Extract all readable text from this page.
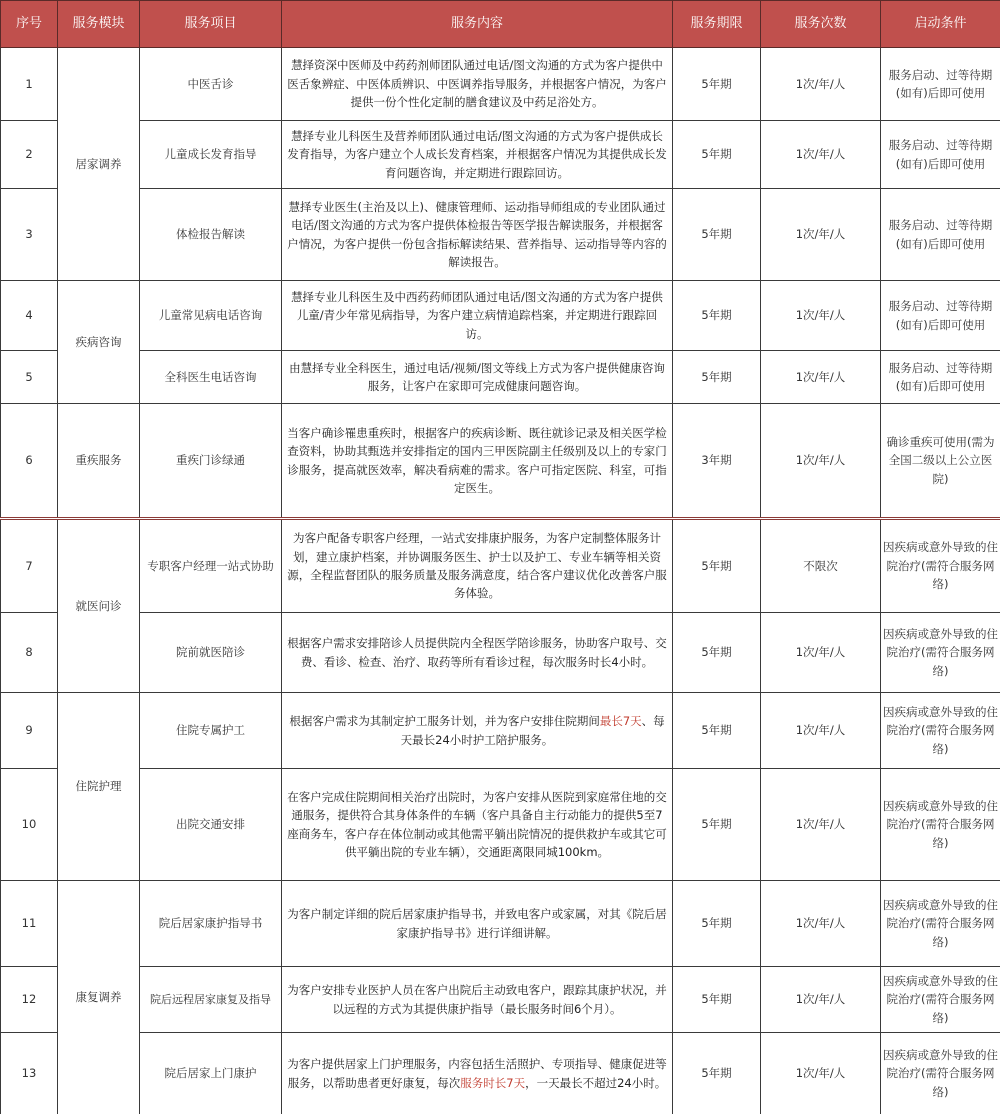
序号	服务模块	服务项目	服务内容	服务期限	服务次数	启动条件
1	居家调养	中医舌诊	慧择资深中医师及中药药剂师团队通过电话/图文沟通的方式为客户提供中医舌象辨症、中医体质辨识、中医调养指导服务，并根据客户情况，为客户提供一份个性化定制的膳食建议及中药足浴处方。	5年期	1次/年/人	服务启动、过等待期(如有)后即可使用
2		儿童成长发育指导	慧择专业儿科医生及营养师团队通过电话/图文沟通的方式为客户提供成长发育指导，为客户建立个人成长发育档案，并根据客户情况为其提供成长发育问题咨询，并定期进行跟踪回访。	5年期	1次/年/人	服务启动、过等待期(如有)后即可使用
3		体检报告解读	慧择专业医生(主治及以上)、健康管理师、运动指导师组成的专业团队通过电话/图文沟通的方式为客户提供体检报告等医学报告解读服务，并根据客户情况，为客户提供一份包含指标解读结果、营养指导、运动指导等内容的解读报告。	5年期	1次/年/人	服务启动、过等待期(如有)后即可使用
4	疾病咨询	儿童常见病电话咨询	慧择专业儿科医生及中西药药师团队通过电话/图文沟通的方式为客户提供儿童/青少年常见病指导，为客户建立病情追踪档案，并定期进行跟踪回访。	5年期	1次/年/人	服务启动、过等待期(如有)后即可使用
5		全科医生电话咨询	由慧择专业全科医生，通过电话/视频/图文等线上方式为客户提供健康咨询服务，让客户在家即可完成健康问题咨询。	5年期	1次/年/人	服务启动、过等待期(如有)后即可使用
6	重疾服务	重疾门诊绿通	当客户确诊罹患重疾时，根据客户的疾病诊断、既往就诊记录及相关医学检查资料，协助其甄选并安排指定的国内三甲医院副主任级别及以上的专家门诊服务，提高就医效率，解决看病难的需求。客户可指定医院、科室，可指定医生。	3年期	1次/年/人	确诊重疾可使用(需为全国二级以上公立医院)
7	就医问诊	专职客户经理一站式协助	为客户配备专职客户经理，一站式安排康护服务，为客户定制整体服务计划，建立康护档案，并协调服务医生、护士以及护工、专业车辆等相关资源，全程监督团队的服务质量及服务满意度，结合客户建议优化改善客户服务体验。	5年期	不限次	因疾病或意外导致的住院治疗(需符合服务网络)
8		院前就医陪诊	根据客户需求安排陪诊人员提供院内全程医学陪诊服务，协助客户取号、交费、看诊、检查、治疗、取药等所有看诊过程，每次服务时长4小时。	5年期	1次/年/人	因疾病或意外导致的住院治疗(需符合服务网络)
9	住院护理	住院专属护工	根据客户需求为其制定护工服务计划，并为客户安排住院期间最长7天、每天最长24小时护工陪护服务。	5年期	1次/年/人	因疾病或意外导致的住院治疗(需符合服务网络)
10		出院交通安排	在客户完成住院期间相关治疗出院时，为客户安排从医院到家庭常住地的交通服务，提供符合其身体条件的车辆（客户具备自主行动能力的提供5至7座商务车，客户存在体位制动或其他需平躺出院情况的提供救护车或其它可供平躺出院的专业车辆），交通距离限同城100km。	5年期	1次/年/人	因疾病或意外导致的住院治疗(需符合服务网络)
11	康复调养	院后居家康护指导书	为客户制定详细的院后居家康护指导书，并致电客户或家属，对其《院后居家康护指导书》进行详细讲解。	5年期	1次/年/人	因疾病或意外导致的住院治疗(需符合服务网络)
12		院后远程居家康复及指导	为客户安排专业医护人员在客户出院后主动致电客户，跟踪其康护状况，并以远程的方式为其提供康护指导（最长服务时间6个月）。	5年期	1次/年/人	因疾病或意外导致的住院治疗(需符合服务网络)
13		院后居家上门康护	为客户提供居家上门护理服务，内容包括生活照护、专项指导、健康促进等服务，以帮助患者更好康复，每次服务时长7天，一天最长不超过24小时。	5年期	1次/年/人	因疾病或意外导致的住院治疗(需符合服务网络)
